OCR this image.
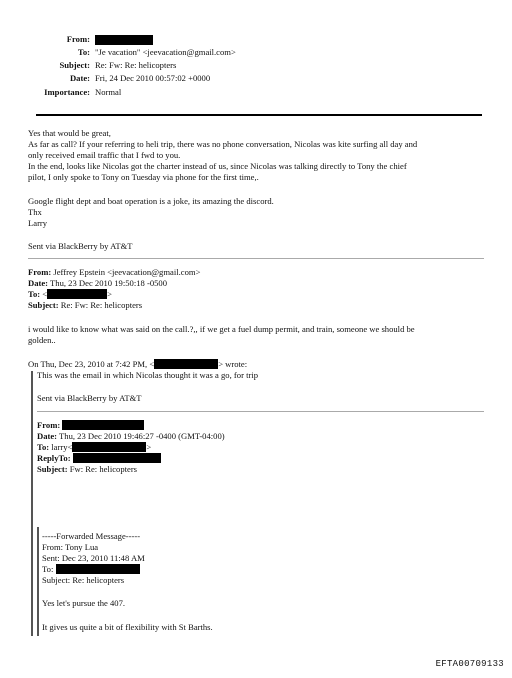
From:
To: "Je vacation" <jeevacation@gmail.com>
Subject: Re: Fw: Re: helicopters
Date: Fri, 24 Dec 2010 00:57:02 +0000
Importance: Normal
Yes that would be great,
As far as call? If your referring to heli trip, there was no phone conversation, Nicolas was kite surfing all day and
only received email traffic that I fwd to you.
In the end, looks like Nicolas got the charter instead of us, since Nicolas was talking directly to Tony the chief
pilot, I only spoke to Tony on Tuesday via phone for the first time,.
Google flight dept and boat operation is a joke, its amazing the discord.
Thx
Larry
Sent via BlackBerry by AT&T
From: Jeffrey Epstein <jeevacation@gmail.com>
Date: Thu, 23 Dec 2010 19:50:18 -0500
To: <	>
Subject: Re: Fw: Re: helicopters
i would like to know what was said on the call.?,, if we get a fuel dump permit, and train, someone we should be
golden..
On Thu, Dec 23, 2010 at 7:42 PM, <	> wrote:
This was the email in which Nicolas thought it was a go, for trip
Sent via BlackBerry by AT&T
From:
Date: Thu, 23 Dec 2010 19:46:27 -0400 (GMT-04:00)
To: larry<	>
ReplyTo:
Subject: Fw: Re: helicopters
-----Forwarded Message-----
From: Tony Lua
Sent: Dec 23, 2010 11:48 AM
To:
Subject: Re: helicopters
Yes let's pursue the 407.
It gives us quite a bit of flexibility with St Barths.
EFTA00709133
